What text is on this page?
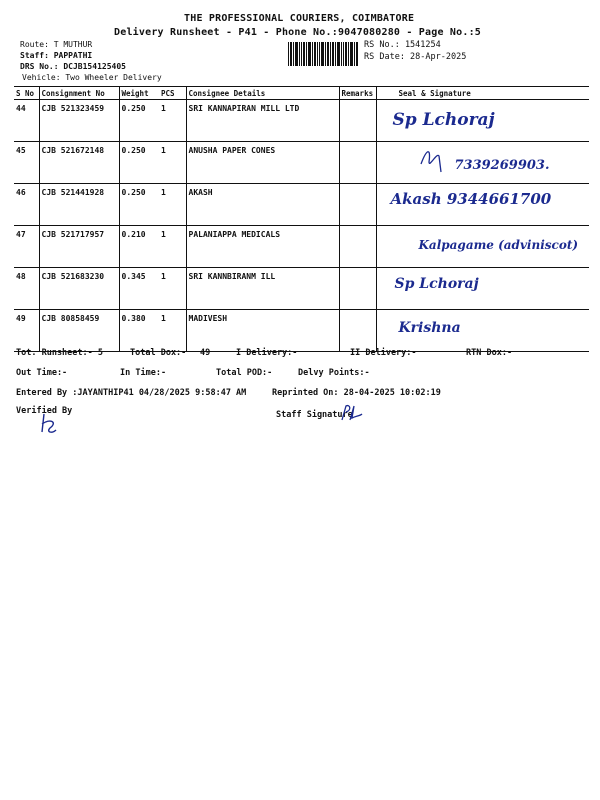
THE PROFESSIONAL COURIERS, COIMBATORE
Delivery Runsheet - P41 - Phone No.:9047080280 - Page No.:5
Route: T MUTHUR
Staff: PAPPATHI
DRS No.: DCJB154125405
Vehicle: Two Wheeler Delivery
RS No.: 1541254
RS Date: 28-Apr-2025
S No	Consignment No	Weight	PCS	Consignee Details	Remarks	Seal & Signature
44	CJB 521323459	0.250	1	SRI KANNAPIRAN MILL LTD		Sp Lchoraj

45	CJB 521672148	0.250	1	ANUSHA PAPER CONES		7339269903.

46	CJB 521441928	0.250	1	AKASH		Akash 9344661700

47	CJB 521717957	0.210	1	PALANIAPPA MEDICALS		Kalpagame (adviniscot)

48	CJB 521683230	0.345	1	SRI KANNBIRANM ILL		Sp Lchoraj

49	CJB 80858459	0.380	1	MADIVESH		Krishna
Tot. Runsheet:- 5	Total Dox:- 49	I Delivery:-	II Delivery:-	RTN Dox:-
Out Time:-	In Time:-	Total POD:-	Delvy Points:-
Entered By :JAYANTHIP41 04/28/2025 9:58:47 AM	Reprinted On: 28-04-2025 10:02:19
Verified By	Staff Signature
